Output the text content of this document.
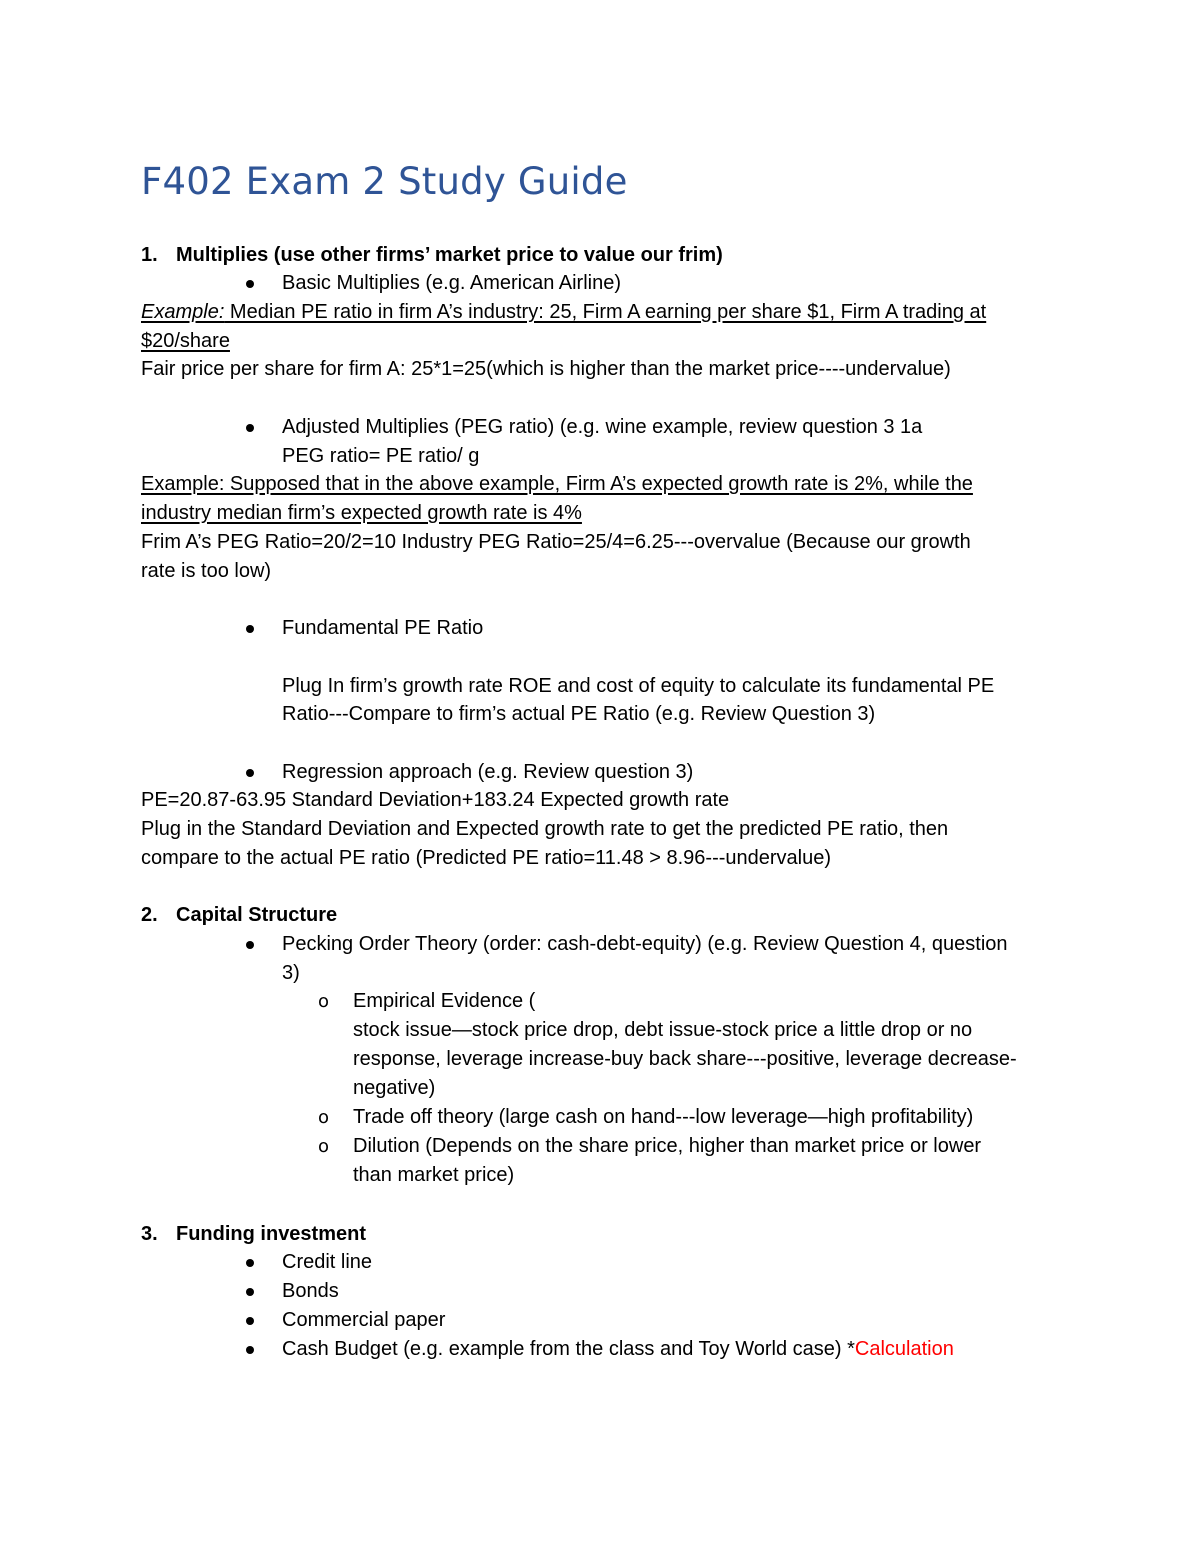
F402 Exam 2 Study Guide
1. Multiplies (use other firms’ market price to value our frim)
Basic Multiplies (e.g. American Airline)
Example: Median PE ratio in firm A’s industry: 25, Firm A earning per share $1, Firm A trading at
$20/share
Fair price per share for firm A: 25*1=25(which is higher than the market price----undervalue)
Adjusted Multiplies (PEG ratio) (e.g. wine example, review question 3 1a
PEG ratio= PE ratio/ g
Example: Supposed that in the above example, Firm A’s expected growth rate is 2%, while the
industry median firm’s expected growth rate is 4%
Frim A’s PEG Ratio=20/2=10 Industry PEG Ratio=25/4=6.25---overvalue (Because our growth
rate is too low)
Fundamental PE Ratio
Plug In firm’s growth rate ROE and cost of equity to calculate its fundamental PE
Ratio---Compare to firm’s actual PE Ratio (e.g. Review Question 3)
Regression approach (e.g. Review question 3)
PE=20.87-63.95 Standard Deviation+183.24 Expected growth rate
Plug in the Standard Deviation and Expected growth rate to get the predicted PE ratio, then
compare to the actual PE ratio (Predicted PE ratio=11.48 > 8.96---undervalue)
2. Capital Structure
Pecking Order Theory (order: cash-debt-equity) (e.g. Review Question 4, question
3)
o Empirical Evidence (
stock issue—stock price drop, debt issue-stock price a little drop or no
response, leverage increase-buy back share---positive, leverage decrease-
negative)
o Trade off theory (large cash on hand---low leverage—high profitability)
o Dilution (Depends on the share price, higher than market price or lower
than market price)
3. Funding investment
Credit line
Bonds
Commercial paper
Cash Budget (e.g. example from the class and Toy World case) *Calculation
